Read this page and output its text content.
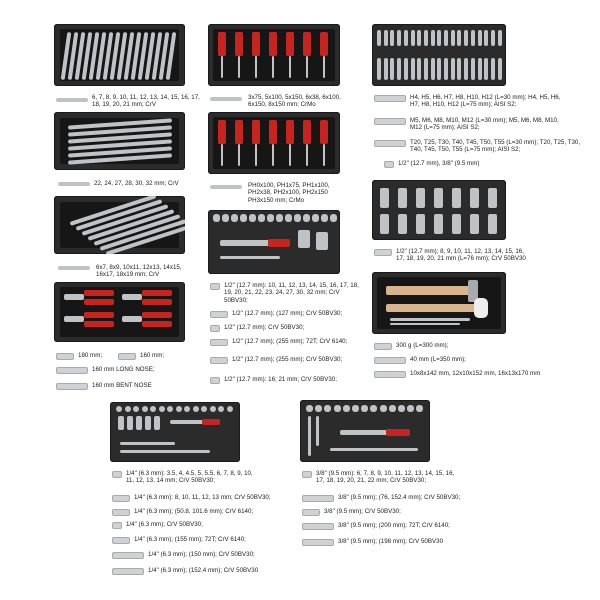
6, 7, 8, 9, 10, 11, 12, 13, 14, 15, 16, 17, 18, 19, 20, 21 mm; CrV
3x75, 5x100, 5x150, 6x38, 6x100, 6x150, 8x150 mm; CrMo
H4, H5, H6, H7, H8, H10, H12 (L=30 mm); H4, H5, H6, H7, H8, H10, H12 (L=75 mm); AISI S2;
M5, M6, M8, M10, M12 (L=30 mm); M5, M6, M8, M10, M12 (L=75 mm); AISI S2;
T20, T25, T30, T40, T45, T50, T55 (L=30 mm); T20, T25, T30, T40, T45, T50, T55 (L=75 mm); AISI S2;
1/2" (12.7 mm), 3/8" (9.5 mm)
22, 24, 27, 28, 30, 32 mm; CrV	PH0x100, PH1x75, PH1x100, PH2x38, PH2x100, PH2x150 PH3x150 mm; CrMo
1/2" (12.7 mm); 8, 9, 10, 11, 12, 13, 14, 15, 16, 17, 18, 19, 20, 21 mm (L=76 mm); CrV 50BV30
6x7, 8x9, 10x11, 12x13, 14x15, 16x17, 18x19 mm; CrV
1/2" (12.7 mm): 10, 11, 12, 13, 14, 15, 16, 17, 18, 19, 20, 21, 22, 23, 24, 27, 30, 32 mm; CrV 50BV30;
1/2" (12.7 mm); (127 mm); CrV 50BV30;
1/2" (12.7 mm); CrV 50BV30;
1/2" (12.7 mm); (255 mm); 72T; CrV 6140;
1/2" (12.7 mm); (255 mm); CrV 50BV30;
1/2" (12.7 mm): 16; 21 mm; CrV 50BV30;
300 g (L=300 mm);
40 mm (L=350 mm);
10x8x142 mm, 12x10x152 mm, 16x13x170 mm
180 mm;	160 mm;
160 mm LONG NOSE;
160 mm BENT NOSE
1/4" (6.3 mm): 3.5, 4, 4.5, 5, 5.5, 6, 7, 8, 9, 10, 11, 12, 13, 14 mm; CrV 50BV30;
1/4" (6.3 mm): 8, 10, 11, 12, 13 mm; CrV 50BV30;
1/4" (6.3 mm); (50.8, 101.6 mm); CrV 6140;
1/4" (6.3 mm); CrV 50BV30;
1/4" (6.3 mm); (155 mm); 72T; CrV 6140;
1/4" (6.3 mm); (150 mm); CrV 50BV30;
1/4" (6.3 mm); (152.4 mm); CrV 50BV30
3/8" (9.5 mm): 6, 7, 8, 9, 10, 11, 12, 13, 14, 15, 16, 17, 18, 19, 20, 21, 22 mm; CrV 50BV30;
3/8" (9.5 mm); (76, 152.4 mm); CrV 50BV30;
3/8" (9.5 mm); CrV 50BV30;
3/8" (9.5 mm); (200 mm); 72T; CrV 6140;
3/8" (9.5 mm); (198 mm); CrV 50BV30
